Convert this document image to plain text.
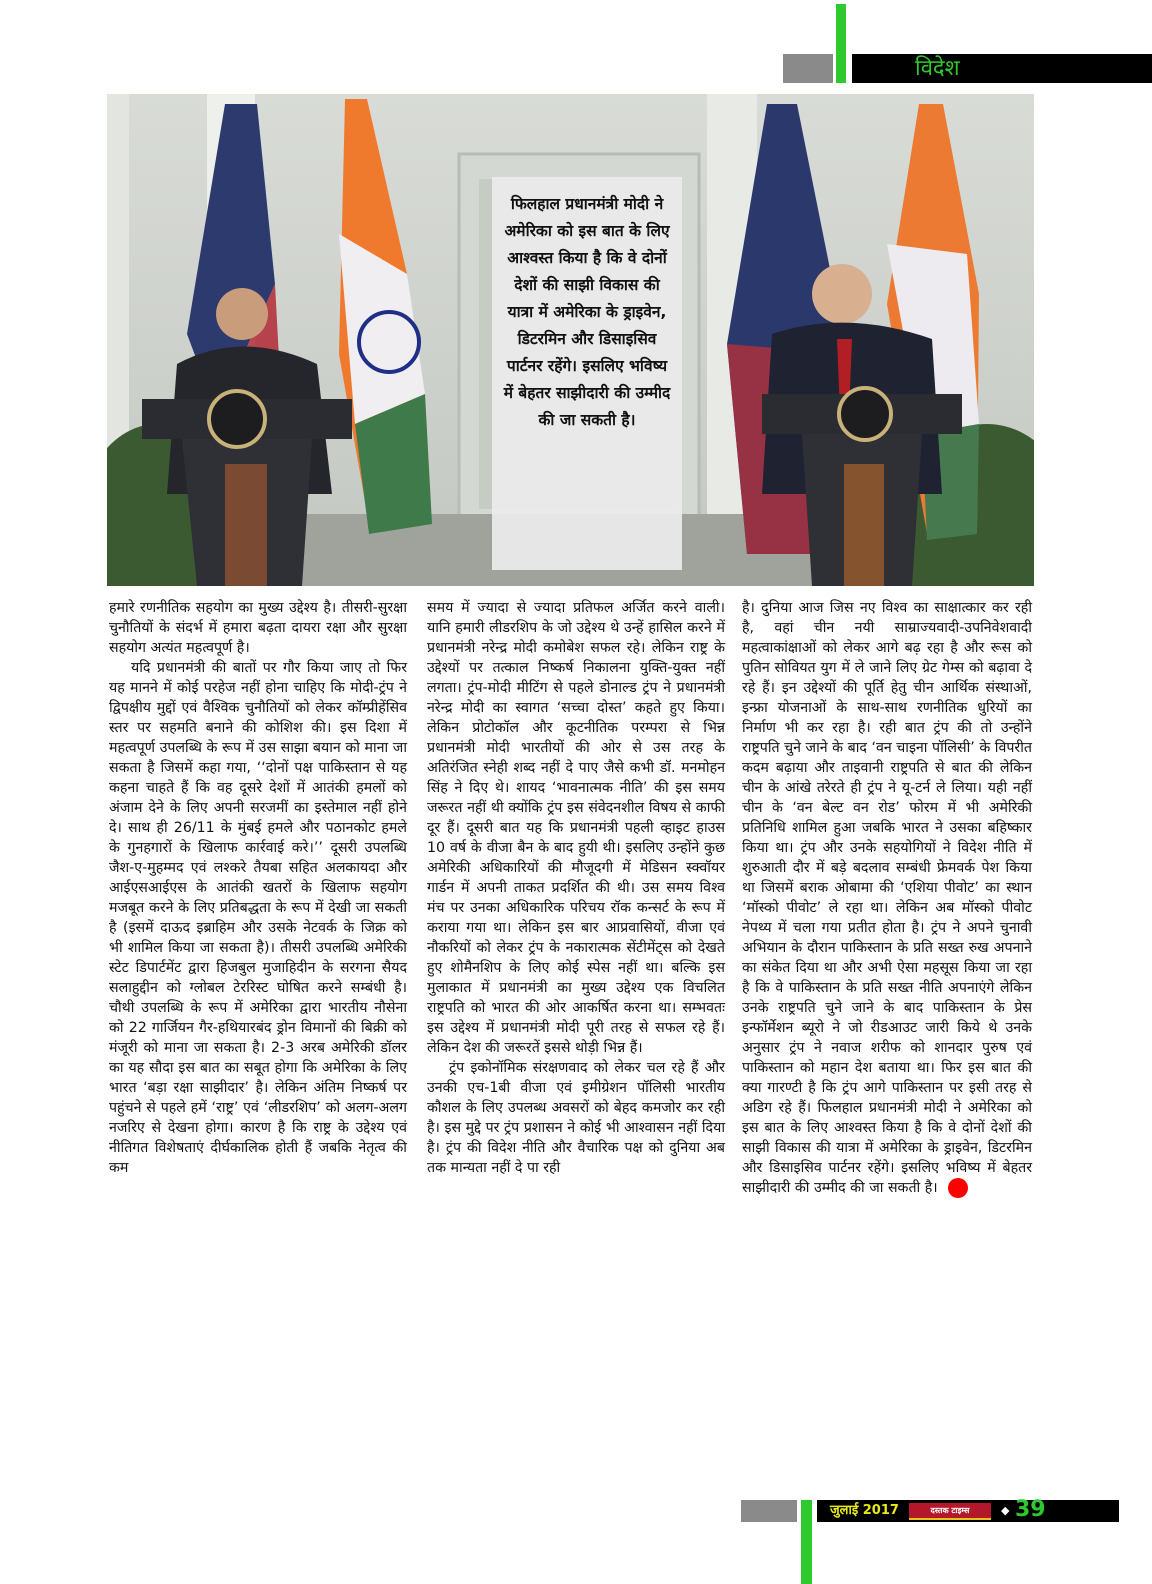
विदेश

फिलहाल प्रधानमंत्री मोदी ने अमेरिका को इस बात के लिए आश्वस्त किया है कि वे दोनों देशों की साझी विकास की यात्रा में अमेरिका के ड्राइवेन, डिटरमिन और डिसाइसिव पार्टनर रहेंगे। इसलिए भविष्य में बेहतर साझीदारी की उम्मीद की जा सकती है।

हमारे रणनीतिक सहयोग का मुख्य उद्देश्य है। तीसरी-सुरक्षा चुनौतियों के संदर्भ में हमारा बढ़ता दायरा रक्षा और सुरक्षा सहयोग अत्यंत महत्वपूर्ण है।

यदि प्रधानमंत्री की बातों पर गौर किया जाए तो फिर यह मानने में कोई परहेज नहीं होना चाहिए कि मोदी-ट्रंप ने द्विपक्षीय मुद्दों एवं वैश्विक चुनौतियों को लेकर कॉम्प्रीहेंसिव स्तर पर सहमति बनाने की कोशिश की। इस दिशा में महत्वपूर्ण उपलब्धि के रूप में उस साझा बयान को माना जा सकता है जिसमें कहा गया, ‘‘दोनों पक्ष पाकिस्तान से यह कहना चाहते हैं कि वह दूसरे देशों में आतंकी हमलों को अंजाम देने के लिए अपनी सरजमीं का इस्तेमाल नहीं होने दे। साथ ही 26/11 के मुंबई हमले और पठानकोट हमले के गुनहगारों के खिलाफ कार्रवाई करे।’’ दूसरी उपलब्धि जैश-ए-मुहम्मद एवं लश्करे तैयबा सहित अलकायदा और आईएसआईएस के आतंकी खतरों के खिलाफ सहयोग मजबूत करने के लिए प्रतिबद्धता के रूप में देखी जा सकती है (इसमें दाऊद इब्राहिम और उसके नेटवर्क के जिक्र को भी शामिल किया जा सकता है)। तीसरी उपलब्धि अमेरिकी स्टेट डिपार्टमेंट द्वारा हिजबुल मुजाहिदीन के सरगना सैयद सलाहुद्दीन को ग्लोबल टेररिस्ट घोषित करने सम्बंधी है। चौथी उपलब्धि के रूप में अमेरिका द्वारा भारतीय नौसेना को 22 गार्जियन गैर-हथियारबंद ड्रोन विमानों की बिक्री को मंजूरी को माना जा सकता है। 2-3 अरब अमेरिकी डॉलर का यह सौदा इस बात का सबूत होगा कि अमेरिका के लिए भारत ‘बड़ा रक्षा साझीदार’ है। लेकिन अंतिम निष्कर्ष पर पहुंचने से पहले हमें ‘राष्ट्र’ एवं ‘लीडरशिप’ को अलग-अलग नजरिए से देखना होगा। कारण है कि राष्ट्र के उद्देश्य एवं नीतिगत विशेषताएं दीर्घकालिक होती हैं जबकि नेतृत्व की कम

समय में ज्यादा से ज्यादा प्रतिफल अर्जित करने वाली। यानि हमारी लीडरशिप के जो उद्देश्य थे उन्हें हासिल करने में प्रधानमंत्री नरेन्द्र मोदी कमोबेश सफल रहे। लेकिन राष्ट्र के उद्देश्यों पर तत्काल निष्कर्ष निकालना युक्ति-युक्त नहीं लगता। ट्रंप-मोदी मीटिंग से पहले डोनाल्ड ट्रंप ने प्रधानमंत्री नरेन्द्र मोदी का स्वागत ‘सच्चा दोस्त’ कहते हुए किया। लेकिन प्रोटोकॉल और कूटनीतिक परम्परा से भिन्न प्रधानमंत्री मोदी भारतीयों की ओर से उस तरह के अतिरंजित स्नेही शब्द नहीं दे पाए जैसे कभी डॉ. मनमोहन सिंह ने दिए थे। शायद ‘भावनात्मक नीति’ की इस समय जरूरत नहीं थी क्योंकि ट्रंप इस संवेदनशील विषय से काफी दूर हैं। दूसरी बात यह कि प्रधानमंत्री पहली व्हाइट हाउस 10 वर्ष के वीजा बैन के बाद हुयी थी। इसलिए उन्होंने कुछ अमेरिकी अधिकारियों की मौजूदगी में मेडिसन स्क्वॉयर गार्डन में अपनी ताकत प्रदर्शित की थी। उस समय विश्व मंच पर उनका अधिकारिक परिचय रॉक कन्सर्ट के रूप में कराया गया था। लेकिन इस बार आप्रवासियों, वीजा एवं नौकरियों को लेकर ट्रंप के नकारात्मक सेंटीमेंट्स को देखते हुए शोमैनशिप के लिए कोई स्पेस नहीं था। बल्कि इस मुलाकात में प्रधानमंत्री का मुख्य उद्देश्य एक विचलित राष्ट्रपति को भारत की ओर आकर्षित करना था। सम्भवतः इस उद्देश्य में प्रधानमंत्री मोदी पूरी तरह से सफल रहे हैं। लेकिन देश की जरूरतें इससे थोड़ी भिन्न हैं।

ट्रंप इकोनॉमिक संरक्षणवाद को लेकर चल रहे हैं और उनकी एच-1बी वीजा एवं इमीग्रेशन पॉलिसी भारतीय कौशल के लिए उपलब्ध अवसरों को बेहद कमजोर कर रही है। इस मुद्दे पर ट्रंप प्रशासन ने कोई भी आश्वासन नहीं दिया है। ट्रंप की विदेश नीति और वैचारिक पक्ष को दुनिया अब तक मान्यता नहीं दे पा रही

है। दुनिया आज जिस नए विश्व का साक्षात्कार कर रही है, वहां चीन नयी साम्राज्यवादी-उपनिवेशवादी महत्वाकांक्षाओं को लेकर आगे बढ़ रहा है और रूस को पुतिन सोवियत युग में ले जाने लिए ग्रेट गेम्स को बढ़ावा दे रहे हैं। इन उद्देश्यों की पूर्ति हेतु चीन आर्थिक संस्थाओं, इन्फ्रा योजनाओं के साथ-साथ रणनीतिक धुरियों का निर्माण भी कर रहा है। रही बात ट्रंप की तो उन्होंने राष्ट्रपति चुने जाने के बाद ‘वन चाइना पॉलिसी’ के विपरीत कदम बढ़ाया और ताइवानी राष्ट्रपति से बात की लेकिन चीन के आंखे तरेरते ही ट्रंप ने यू-टर्न ले लिया। यही नहीं चीन के ‘वन बेल्ट वन रोड’ फोरम में भी अमेरिकी प्रतिनिधि शामिल हुआ जबकि भारत ने उसका बहिष्कार किया था। ट्रंप और उनके सहयोगियों ने विदेश नीति में शुरुआती दौर में बड़े बदलाव सम्बंधी फ्रेमवर्क पेश किया था जिसमें बराक ओबामा की ‘एशिया पीवोट’ का स्थान ‘मॉस्को पीवोट’ ले रहा था। लेकिन अब मॉस्को पीवोट नेपथ्य में चला गया प्रतीत होता है। ट्रंप ने अपने चुनावी अभियान के दौरान पाकिस्तान के प्रति सख्त रुख अपनाने का संकेत दिया था और अभी ऐसा महसूस किया जा रहा है कि वे पाकिस्तान के प्रति सख्त नीति अपनाएंगे लेकिन उनके राष्ट्रपति चुने जाने के बाद पाकिस्तान के प्रेस इन्फॉर्मेशन ब्यूरो ने जो रीडआउट जारी किये थे उनके अनुसार ट्रंप ने नवाज शरीफ को शानदार पुरुष एवं पाकिस्तान को महान देश बताया था। फिर इस बात की क्या गारण्टी है कि ट्रंप आगे पाकिस्तान पर इसी तरह से अडिग रहे हैं। फिलहाल प्रधानमंत्री मोदी ने अमेरिका को इस बात के लिए आश्वस्त किया है कि वे दोनों देशों की साझी विकास की यात्रा में अमेरिका के ड्राइवेन, डिटरमिन और डिसाइसिव पार्टनर रहेंगे। इसलिए भविष्य में बेहतर साझीदारी की उम्मीद की जा सकती है।

जुलाई 2017	दस्तक टाइम्स	◆ 39
